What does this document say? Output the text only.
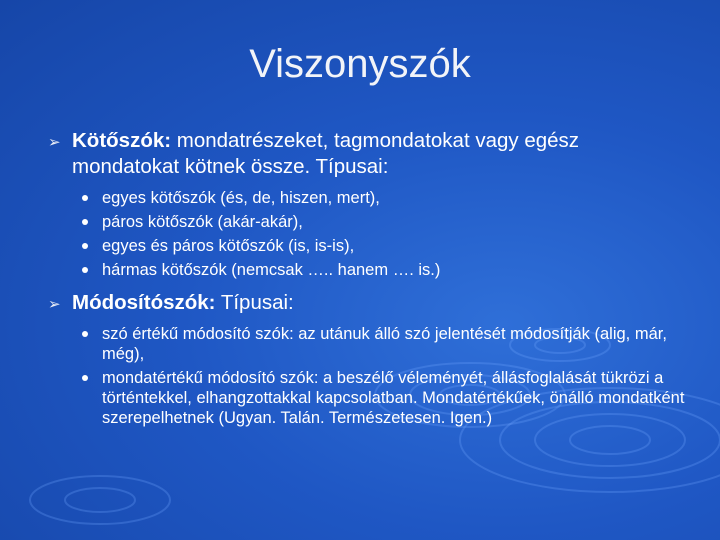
Viszonyszók
➢ Kötőszók: mondatrészeket, tagmondatokat vagy egész mondatokat kötnek össze. Típusai:
egyes kötőszók (és, de, hiszen, mert),
páros kötőszók (akár-akár),
egyes és páros kötőszók (is, is-is),
hármas kötőszók (nemcsak ….. hanem …. is.)
➢ Módosítószók: Típusai:
szó értékű módosító szók: az utánuk álló szó jelentését módosítják (alig, már, még),
mondatértékű módosító szók: a beszélő véleményét, állásfoglalását tükrözi a történtekkel, elhangzottakkal kapcsolatban. Mondatértékűek, önálló mondatként szerepelhetnek (Ugyan. Talán. Természetesen. Igen.)
